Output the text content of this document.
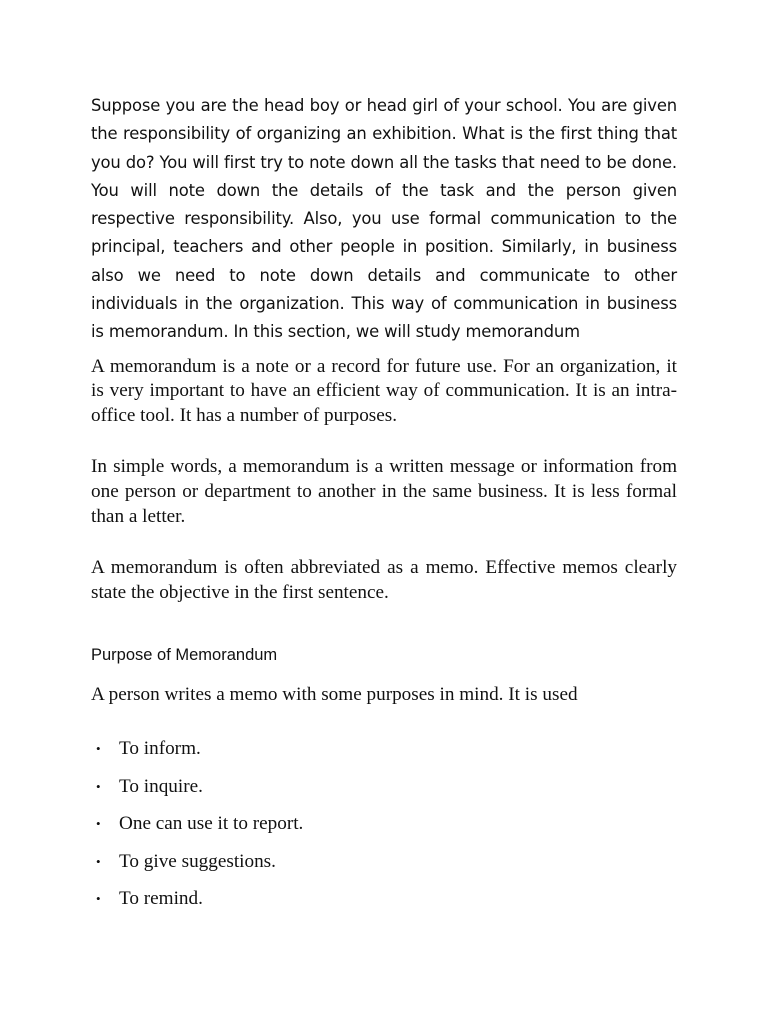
Suppose you are the head boy or head girl of your school. You are given the responsibility of organizing an exhibition. What is the first thing that you do? You will first try to note down all the tasks that need to be done. You will note down the details of the task and the person given respective responsibility. Also, you use formal communication to the principal, teachers and other people in position. Similarly, in business also we need to note down details and communicate to other individuals in the organization. This way of communication in business is memorandum. In this section, we will study memorandum

A memorandum is a note or a record for future use. For an organization, it is very important to have an efficient way of communication. It is an intra-office tool. It has a number of purposes.

In simple words, a memorandum is a written message or information from one person or department to another in the same business. It is less formal than a letter.

A memorandum is often abbreviated as a memo. Effective memos clearly state the objective in the first sentence.

Purpose of Memorandum

A person writes a memo with some purposes in mind. It is used

• To inform.
• To inquire.
• One can use it to report.
• To give suggestions.
• To remind.
